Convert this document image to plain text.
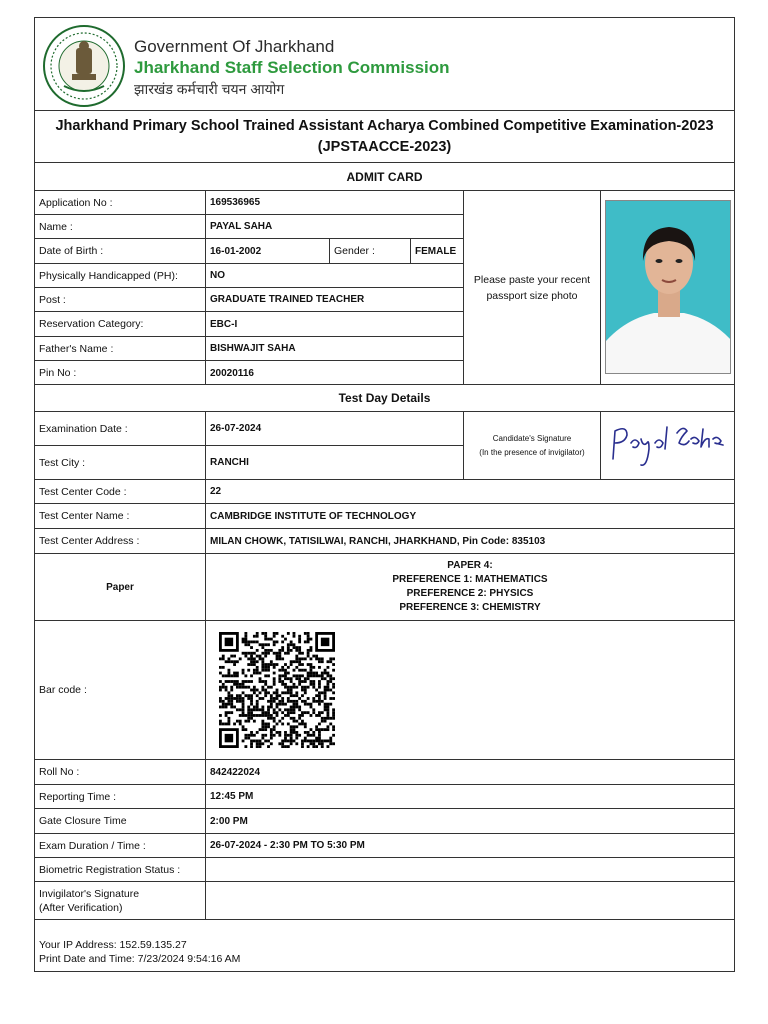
Government Of Jharkhand
Jharkhand Staff Selection Commission
झारखंड कर्मचारी चयन आयोग
Jharkhand Primary School Trained Assistant Acharya Combined Competitive Examination-2023
(JPSTAACCE-2023)
ADMIT CARD
Application No :	169536965
Name :	PAYAL SAHA
Date of Birth :	16-01-2002	Gender :	FEMALE
Physically Handicapped (PH):	NO
Post :	GRADUATE TRAINED TEACHER
Reservation Category:	EBC-I
Father's Name :	BISHWAJIT SAHA
Pin No :	20020116
Please paste your recent passport size photo
Test Day Details
Examination Date :	26-07-2024
Test City :	RANCHI
Candidate's Signature
(In the presence of invigilator)
Test Center Code :	22
Test Center Name :	CAMBRIDGE INSTITUTE OF TECHNOLOGY
Test Center Address :	MILAN CHOWK, TATISILWAI, RANCHI, JHARKHAND, Pin Code: 835103
Paper
PAPER 4:
PREFERENCE 1: MATHEMATICS
PREFERENCE 2: PHYSICS
PREFERENCE 3: CHEMISTRY
Bar code :
Roll No :	842422024
Reporting Time :	12:45 PM
Gate Closure Time	2:00 PM
Exam Duration / Time :	26-07-2024 - 2:30 PM TO 5:30 PM
Biometric Registration Status :
Invigilator's Signature
(After Verification)
Your IP Address: 152.59.135.27
Print Date and Time: 7/23/2024 9:54:16 AM
